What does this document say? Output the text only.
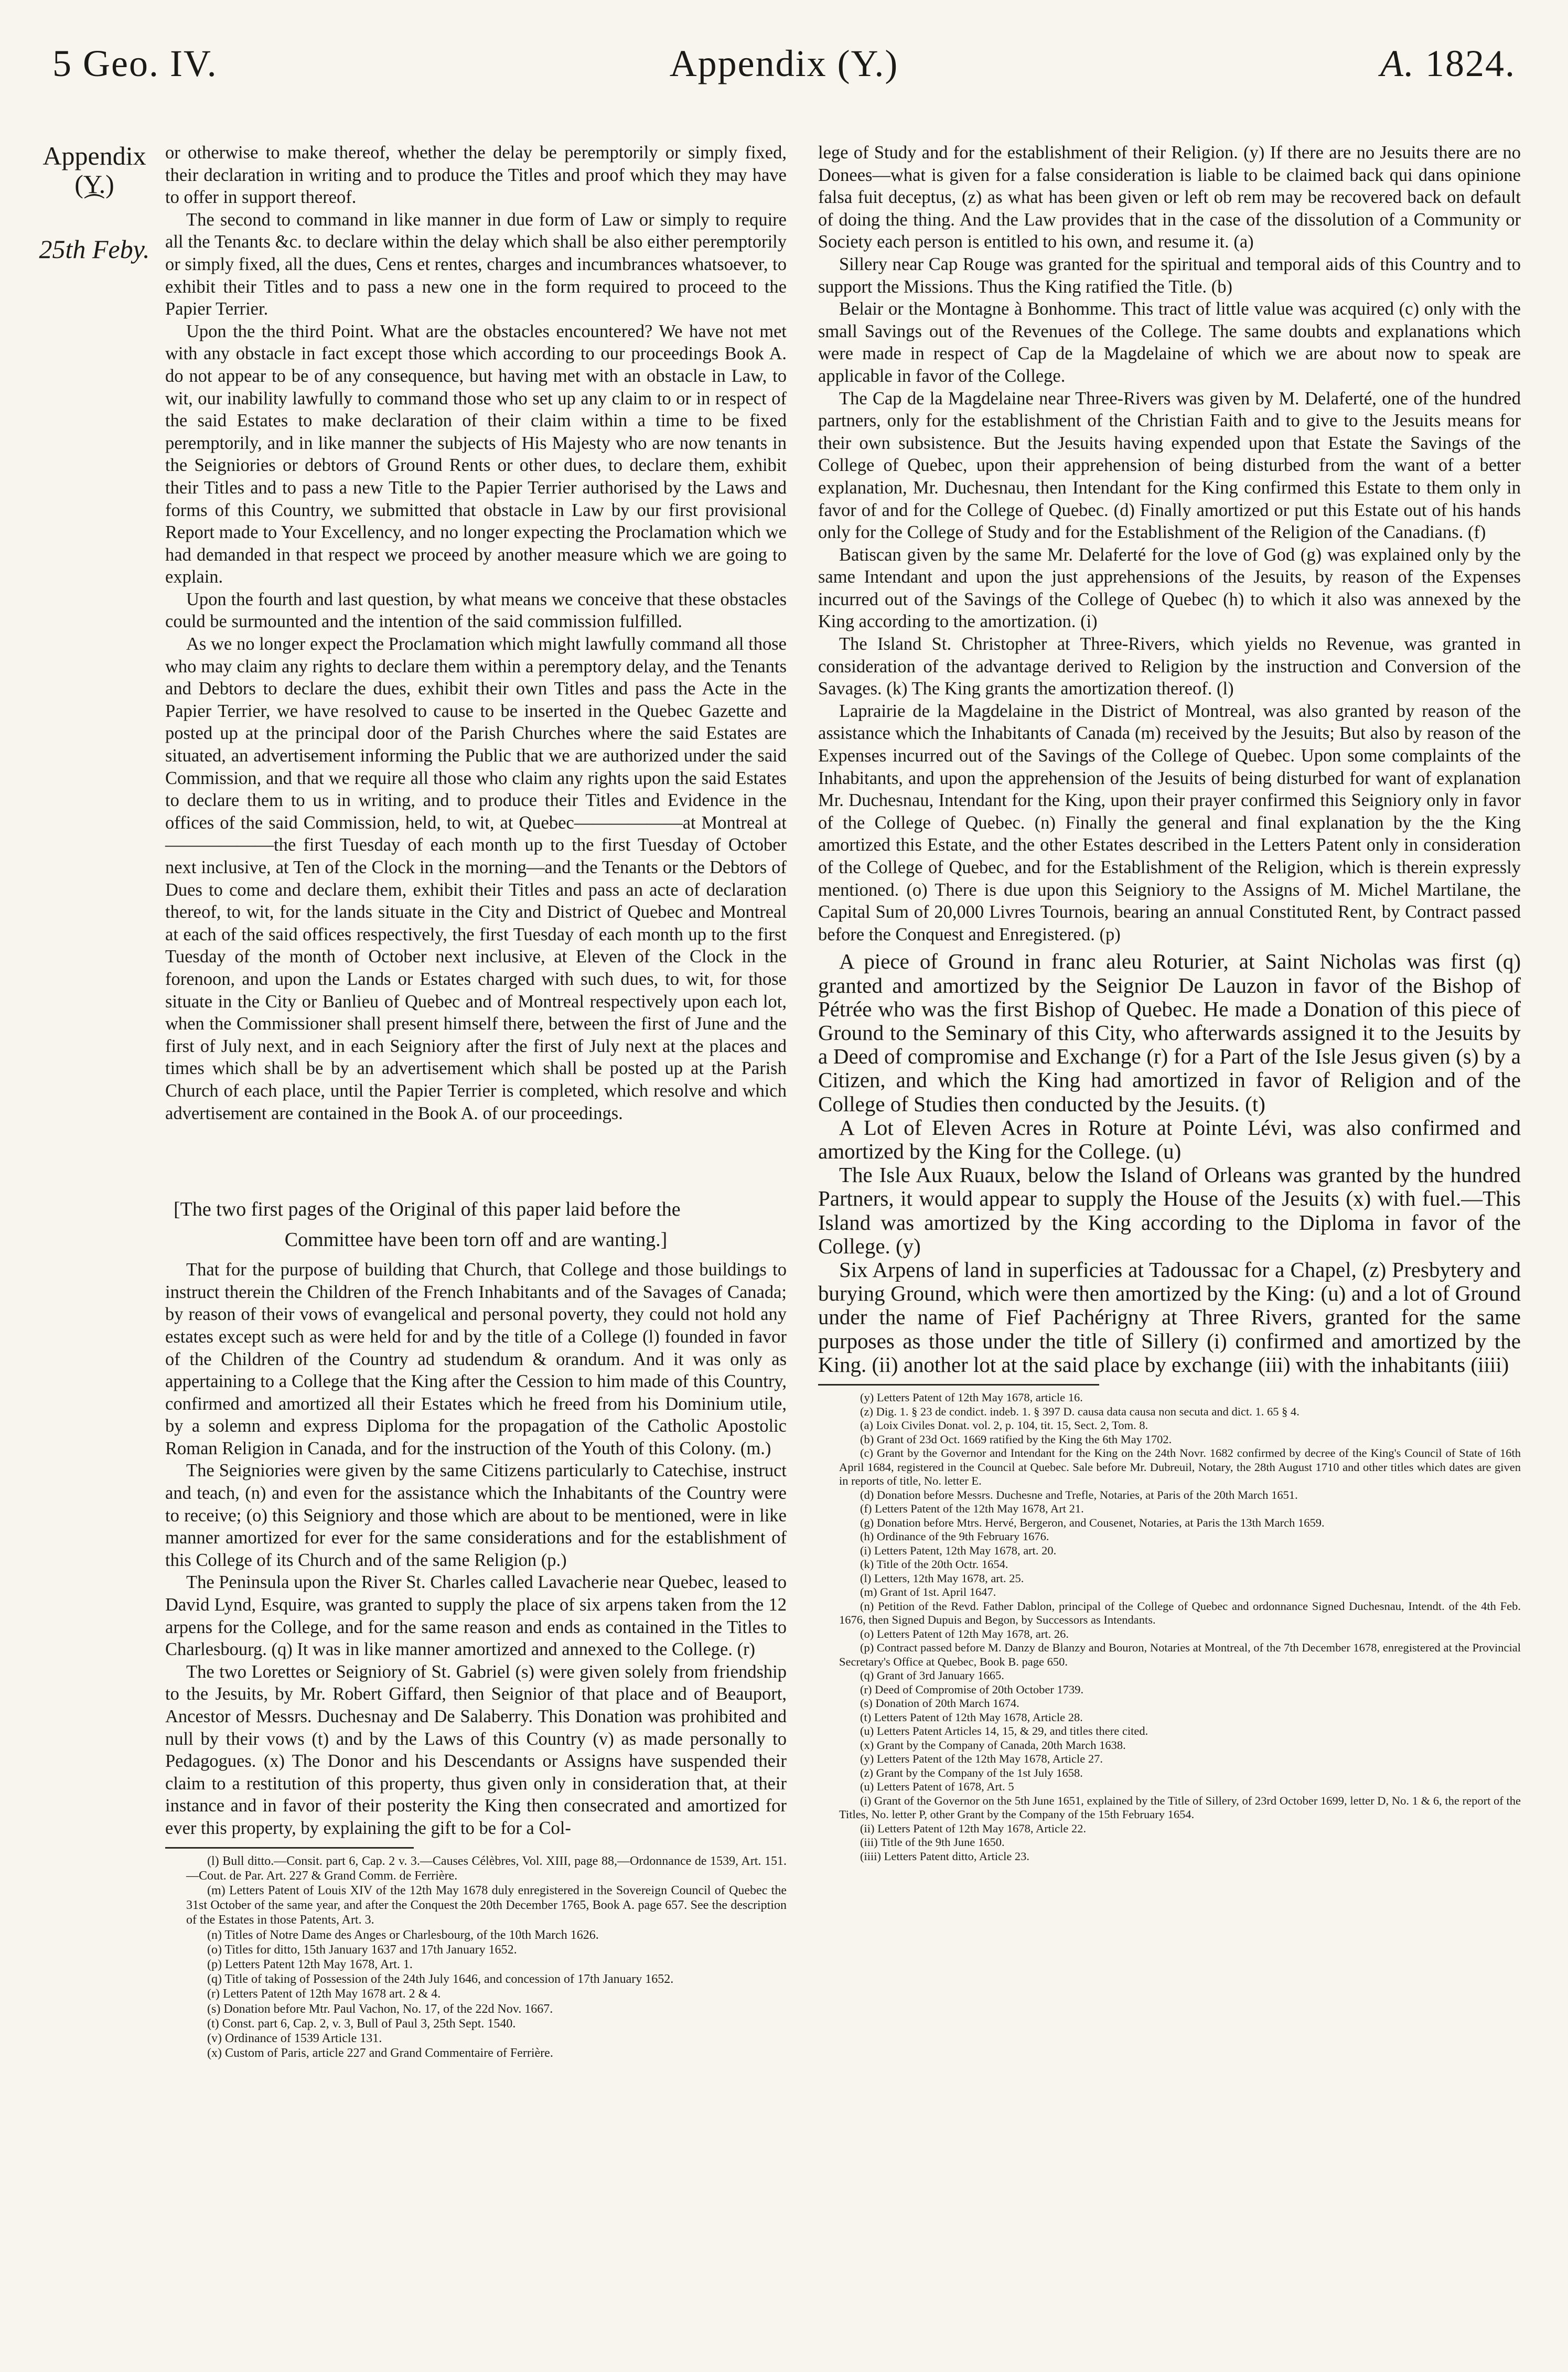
5 Geo. IV.	Appendix (Y.)	A. 1824.
Appendix
(Y.)
⏜
25th Feby.

or otherwise to make thereof, whether the delay be peremptorily or simply fixed, their declaration in writing and to produce the Titles and proof which they may have to offer in support thereof.

The second to command in like manner in due form of Law or simply to require all the Tenants &c. to declare within the delay which shall be also either peremptorily or simply fixed, all the dues, Cens et rentes, charges and incumbrances whatsoever, to exhibit their Titles and to pass a new one in the form required to proceed to the Papier Terrier.

Upon the the third Point. What are the obstacles encountered? We have not met with any obstacle in fact except those which according to our proceedings Book A. do not appear to be of any consequence, but having met with an obstacle in Law, to wit, our inability lawfully to command those who set up any claim to or in respect of the said Estates to make declaration of their claim within a time to be fixed peremptorily, and in like manner the subjects of His Majesty who are now tenants in the Seigniories or debtors of Ground Rents or other dues, to declare them, exhibit their Titles and to pass a new Title to the Papier Terrier authorised by the Laws and forms of this Country, we submitted that obstacle in Law by our first provisional Report made to Your Excellency, and no longer expecting the Proclamation which we had demanded in that respect we proceed by another measure which we are going to explain.

Upon the fourth and last question, by what means we conceive that these obstacles could be surmounted and the intention of the said commission fulfilled.

As we no longer expect the Proclamation which might lawfully command all those who may claim any rights to declare them within a peremptory delay, and the Tenants and Debtors to declare the dues, exhibit their own Titles and pass the Acte in the Papier Terrier, we have resolved to cause to be inserted in the Quebec Gazette and posted up at the principal door of the Parish Churches where the said Estates are situated, an advertisement informing the Public that we are authorized under the said Commission, and that we require all those who claim any rights upon the said Estates to declare them to us in writing, and to produce their Titles and Evidence in the offices of the said Commission, held, to wit, at Quebec——————at Montreal at——————the first Tuesday of each month up to the first Tuesday of October next inclusive, at Ten of the Clock in the morning—and the Tenants or the Debtors of Dues to come and declare them, exhibit their Titles and pass an acte of declaration thereof, to wit, for the lands situate in the City and District of Quebec and Montreal at each of the said offices respectively, the first Tuesday of each month up to the first Tuesday of the month of October next inclusive, at Eleven of the Clock in the forenoon, and upon the Lands or Estates charged with such dues, to wit, for those situate in the City or Banlieu of Quebec and of Montreal respectively upon each lot, when the Commissioner shall present himself there, between the first of June and the first of July next, and in each Seigniory after the first of July next at the places and times which shall be by an advertisement which shall be posted up at the Parish Church of each place, until the Papier Terrier is completed, which resolve and which advertisement are contained in the Book A. of our proceedings.

[The two first pages of the Original of this paper laid before the

Committee have been torn off and are wanting.]

That for the purpose of building that Church, that College and those buildings to instruct therein the Children of the French Inhabitants and of the Savages of Canada; by reason of their vows of evangelical and personal poverty, they could not hold any estates except such as were held for and by the title of a College (l) founded in favor of the Children of the Country ad studendum & orandum. And it was only as appertaining to a College that the King after the Cession to him made of this Country, confirmed and amortized all their Estates which he freed from his Dominium utile, by a solemn and express Diploma for the propagation of the Catholic Apostolic Roman Religion in Canada, and for the instruction of the Youth of this Colony. (m.)

The Seigniories were given by the same Citizens particularly to Catechise, instruct and teach, (n) and even for the assistance which the Inhabitants of the Country were to receive; (o) this Seigniory and those which are about to be mentioned, were in like manner amortized for ever for the same considerations and for the establishment of this College of its Church and of the same Religion (p.)

The Peninsula upon the River St. Charles called Lavacherie near Quebec, leased to David Lynd, Esquire, was granted to supply the place of six arpens taken from the 12 arpens for the College, and for the same reason and ends as contained in the Titles to Charlesbourg. (q) It was in like manner amortized and annexed to the College. (r)

The two Lorettes or Seigniory of St. Gabriel (s) were given solely from friendship to the Jesuits, by Mr. Robert Giffard, then Seignior of that place and of Beauport, Ancestor of Messrs. Duchesnay and De Salaberry. This Donation was prohibited and null by their vows (t) and by the Laws of this Country (v) as made personally to Pedagogues. (x) The Donor and his Descendants or Assigns have suspended their claim to a restitution of this property, thus given only in consideration that, at their instance and in favor of their posterity the King then consecrated and amortized for ever this property, by explaining the gift to be for a Col-

(l) Bull ditto.—Consit. part 6, Cap. 2 v. 3.—Causes Célèbres, Vol. XIII, page 88,—Ordonnance de 1539, Art. 151.—Cout. de Par. Art. 227 & Grand Comm. de Ferrière.

(m) Letters Patent of Louis XIV of the 12th May 1678 duly enregistered in the Sovereign Council of Quebec the 31st October of the same year, and after the Conquest the 20th December 1765, Book A. page 657. See the description of the Estates in those Patents, Art. 3.

(n) Titles of Notre Dame des Anges or Charlesbourg, of the 10th March 1626.

(o) Titles for ditto, 15th January 1637 and 17th January 1652.

(p) Letters Patent 12th May 1678, Art. 1.

(q) Title of taking of Possession of the 24th July 1646, and concession of 17th January 1652.

(r) Letters Patent of 12th May 1678 art. 2 & 4.

(s) Donation before Mtr. Paul Vachon, No. 17, of the 22d Nov. 1667.

(t) Const. part 6, Cap. 2, v. 3, Bull of Paul 3, 25th Sept. 1540.

(v) Ordinance of 1539 Article 131.

(x) Custom of Paris, article 227 and Grand Commentaire of Ferrière.

lege of Study and for the establishment of their Religion. (y) If there are no Jesuits there are no Donees—what is given for a false consideration is liable to be claimed back qui dans opinione falsa fuit deceptus, (z) as what has been given or left ob rem may be recovered back on default of doing the thing. And the Law provides that in the case of the dissolution of a Community or Society each person is entitled to his own, and resume it. (a)

Sillery near Cap Rouge was granted for the spiritual and temporal aids of this Country and to support the Missions. Thus the King ratified the Title. (b)

Belair or the Montagne à Bonhomme. This tract of little value was acquired (c) only with the small Savings out of the Revenues of the College. The same doubts and explanations which were made in respect of Cap de la Magdelaine of which we are about now to speak are applicable in favor of the College.

The Cap de la Magdelaine near Three-Rivers was given by M. Delaferté, one of the hundred partners, only for the establishment of the Christian Faith and to give to the Jesuits means for their own subsistence. But the Jesuits having expended upon that Estate the Savings of the College of Quebec, upon their apprehension of being disturbed from the want of a better explanation, Mr. Duchesnau, then Intendant for the King confirmed this Estate to them only in favor of and for the College of Quebec. (d) Finally amortized or put this Estate out of his hands only for the College of Study and for the Establishment of the Religion of the Canadians. (f)

Batiscan given by the same Mr. Delaferté for the love of God (g) was explained only by the same Intendant and upon the just apprehensions of the Jesuits, by reason of the Expenses incurred out of the Savings of the College of Quebec (h) to which it also was annexed by the King according to the amortization. (i)

The Island St. Christopher at Three-Rivers, which yields no Revenue, was granted in consideration of the advantage derived to Religion by the instruction and Conversion of the Savages. (k) The King grants the amortization thereof. (l)

Laprairie de la Magdelaine in the District of Montreal, was also granted by reason of the assistance which the Inhabitants of Canada (m) received by the Jesuits; But also by reason of the Expenses incurred out of the Savings of the College of Quebec. Upon some complaints of the Inhabitants, and upon the apprehension of the Jesuits of being disturbed for want of explanation Mr. Duchesnau, Intendant for the King, upon their prayer confirmed this Seigniory only in favor of the College of Quebec. (n) Finally the general and final explanation by the the King amortized this Estate, and the other Estates described in the Letters Patent only in consideration of the College of Quebec, and for the Establishment of the Religion, which is therein expressly mentioned. (o) There is due upon this Seigniory to the Assigns of M. Michel Martilane, the Capital Sum of 20,000 Livres Tournois, bearing an annual Constituted Rent, by Contract passed before the Conquest and Enregistered. (p)

A piece of Ground in franc aleu Roturier, at Saint Nicholas was first (q) granted and amortized by the Seignior De Lauzon in favor of the Bishop of Pétrée who was the first Bishop of Quebec. He made a Donation of this piece of Ground to the Seminary of this City, who afterwards assigned it to the Jesuits by a Deed of compromise and Exchange (r) for a Part of the Isle Jesus given (s) by a Citizen, and which the King had amortized in favor of Religion and of the College of Studies then conducted by the Jesuits. (t)

A Lot of Eleven Acres in Roture at Pointe Lévi, was also confirmed and amortized by the King for the College. (u)

The Isle Aux Ruaux, below the Island of Orleans was granted by the hundred Partners, it would appear to supply the House of the Jesuits (x) with fuel.—This Island was amortized by the King according to the Diploma in favor of the College. (y)

Six Arpens of land in superficies at Tadoussac for a Chapel, (z) Presbytery and burying Ground, which were then amortized by the King: (u) and a lot of Ground under the name of Fief Pachérigny at Three Rivers, granted for the same purposes as those under the title of Sillery (i) confirmed and amortized by the King. (ii) another lot at the said place by exchange (iii) with the inhabitants (iiii)

(y) Letters Patent of 12th May 1678, article 16.

(z) Dig. 1. § 23 de condict. indeb. 1. § 397 D. causa data causa non secuta and dict. 1. 65 § 4.

(a) Loix Civiles Donat. vol. 2, p. 104, tit. 15, Sect. 2, Tom. 8.

(b) Grant of 23d Oct. 1669 ratified by the King the 6th May 1702.

(c) Grant by the Governor and Intendant for the King on the 24th Novr. 1682 confirmed by decree of the King's Council of State of 16th April 1684, registered in the Council at Quebec. Sale before Mr. Dubreuil, Notary, the 28th August 1710 and other titles which dates are given in reports of title, No. letter E.

(d) Donation before Messrs. Duchesne and Trefle, Notaries, at Paris of the 20th March 1651.

(f) Letters Patent of the 12th May 1678, Art 21.

(g) Donation before Mtrs. Hervé, Bergeron, and Cousenet, Notaries, at Paris the 13th March 1659.

(h) Ordinance of the 9th February 1676.

(i) Letters Patent, 12th May 1678, art. 20.

(k) Title of the 20th Octr. 1654.

(l) Letters, 12th May 1678, art. 25.

(m) Grant of 1st. April 1647.

(n) Petition of the Revd. Father Dablon, principal of the College of Quebec and ordonnance Signed Duchesnau, Intendt. of the 4th Feb. 1676, then Signed Dupuis and Begon, by Successors as Intendants.

(o) Letters Patent of 12th May 1678, art. 26.

(p) Contract passed before M. Danzy de Blanzy and Bouron, Notaries at Montreal, of the 7th December 1678, enregistered at the Provincial Secretary's Office at Quebec, Book B. page 650.

(q) Grant of 3rd January 1665.

(r) Deed of Compromise of 20th October 1739.

(s) Donation of 20th March 1674.

(t) Letters Patent of 12th May 1678, Article 28.

(u) Letters Patent Articles 14, 15, & 29, and titles there cited.

(x) Grant by the Company of Canada, 20th March 1638.

(y) Letters Patent of the 12th May 1678, Article 27.

(z) Grant by the Company of the 1st July 1658.

(u) Letters Patent of 1678, Art. 5

(i) Grant of the Governor on the 5th June 1651, explained by the Title of Sillery, of 23rd October 1699, letter D, No. 1 & 6, the report of the Titles, No. letter P, other Grant by the Company of the 15th February 1654.

(ii) Letters Patent of 12th May 1678, Article 22.

(iii) Title of the 9th June 1650.

(iiii) Letters Patent ditto, Article 23.
